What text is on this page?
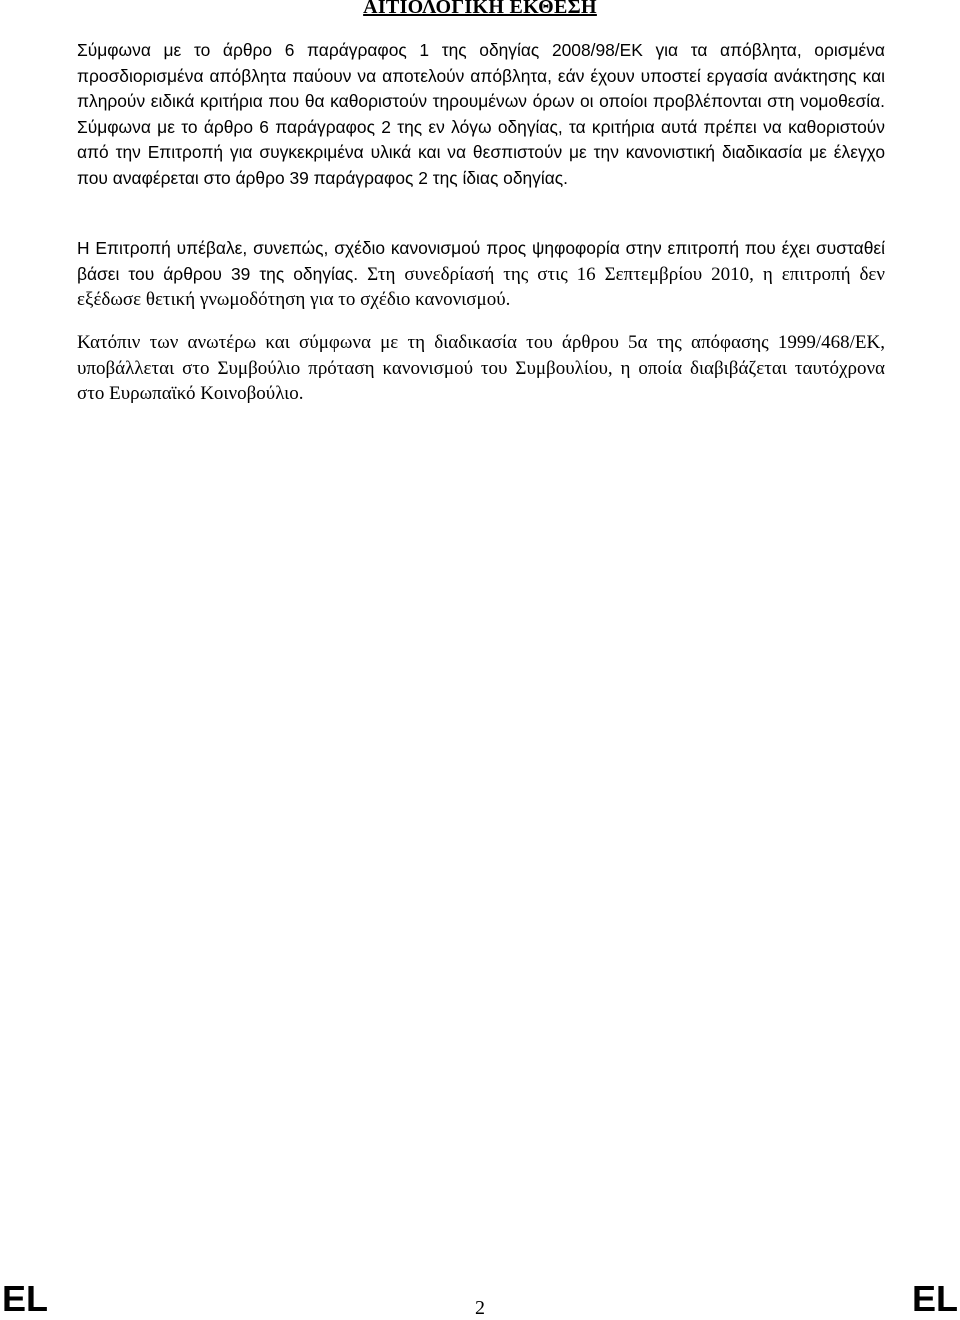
ΑΙΤΙΟΛΟΓΙΚΗ ΕΚΘΕΣΗ

Σύμφωνα με το άρθρο 6 παράγραφος 1 της οδηγίας 2008/98/ΕΚ για τα απόβλητα, ορισμένα προσδιορισμένα απόβλητα παύουν να αποτελούν απόβλητα, εάν έχουν υποστεί εργασία ανάκτησης και πληρούν ειδικά κριτήρια που θα καθοριστούν τηρουμένων όρων οι οποίοι προβλέπονται στη νομοθεσία. Σύμφωνα με το άρθρο 6 παράγραφος 2 της εν λόγω οδηγίας, τα κριτήρια αυτά πρέπει να καθοριστούν από την Επιτροπή για συγκεκριμένα υλικά και να θεσπιστούν με την κανονιστική διαδικασία με έλεγχο που αναφέρεται στο άρθρο 39 παράγραφος 2 της ίδιας οδηγίας.

Η Επιτροπή υπέβαλε, συνεπώς, σχέδιο κανονισμού προς ψηφοφορία στην επιτροπή που έχει συσταθεί βάσει του άρθρου 39 της οδηγίας. Στη συνεδρίασή της στις 16 Σεπτεμβρίου 2010, η επιτροπή δεν εξέδωσε θετική γνωμοδότηση για το σχέδιο κανονισμού.

Κατόπιν των ανωτέρω και σύμφωνα με τη διαδικασία του άρθρου 5α της απόφασης 1999/468/ΕΚ, υποβάλλεται στο Συμβούλιο πρόταση κανονισμού του Συμβουλίου, η οποία διαβιβάζεται ταυτόχρονα στο Ευρωπαϊκό Κοινοβούλιο.

EL	2	EL
